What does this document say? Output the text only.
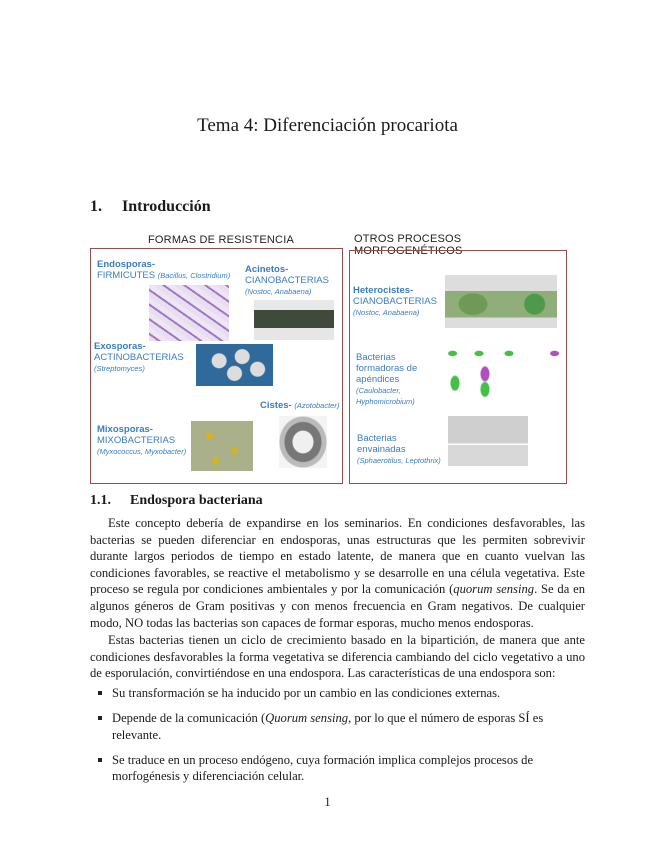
Tema 4: Diferenciación procariota
1. Introducción
FORMAS DE RESISTENCIA	OTROS PROCESOS MORFOGENÉTICOS
Endosporas-
FIRMICUTES (Bacillus, Clostridium)
Acinetos-
CIANOBACTERIAS
(Nostoc, Anabaena)
Exosporas-
ACTINOBACTERIAS
(Streptomyces)
Cistes- (Azotobacter)
Mixosporas-
MIXOBACTERIAS
(Myxococcus, Myxobacter)
Heterocistes-
CIANOBACTERIAS
(Nostoc, Anabaena)
Bacterias
formadoras de
apéndices
(Caulobacter,
Hyphomicrobium)
Bacterias
envainadas
(Sphaerotilus, Leptothrix)
1.1. Endospora bacteriana
Este concepto debería de expandirse en los seminarios. En condiciones desfavorables, las bacterias se pueden diferenciar en endosporas, unas estructuras que les permiten sobrevivir durante largos periodos de tiempo en estado latente, de manera que en cuanto vuelvan las condiciones favorables, se reactive el metabolismo y se desarrolle en una célula vegetativa. Este proceso se regula por condiciones ambientales y por la comunicación (quorum sensing. Se da en algunos géneros de Gram positivas y con menos frecuencia en Gram negativos. De cualquier modo, NO todas las bacterias son capaces de formar esporas, mucho menos endosporas.
Estas bacterias tienen un ciclo de crecimiento basado en la bipartición, de manera que ante condiciones desfavorables la forma vegetativa se diferencia cambiando del ciclo vegetativo a uno de esporulación, convirtiéndose en una endospora. Las características de una endospora son:
Su transformación se ha inducido por un cambio en las condiciones externas.
Depende de la comunicación (Quorum sensing, por lo que el número de esporas SÍ es relevante.
Se traduce en un proceso endógeno, cuya formación implica complejos procesos de morfogénesis y diferenciación celular.
1
